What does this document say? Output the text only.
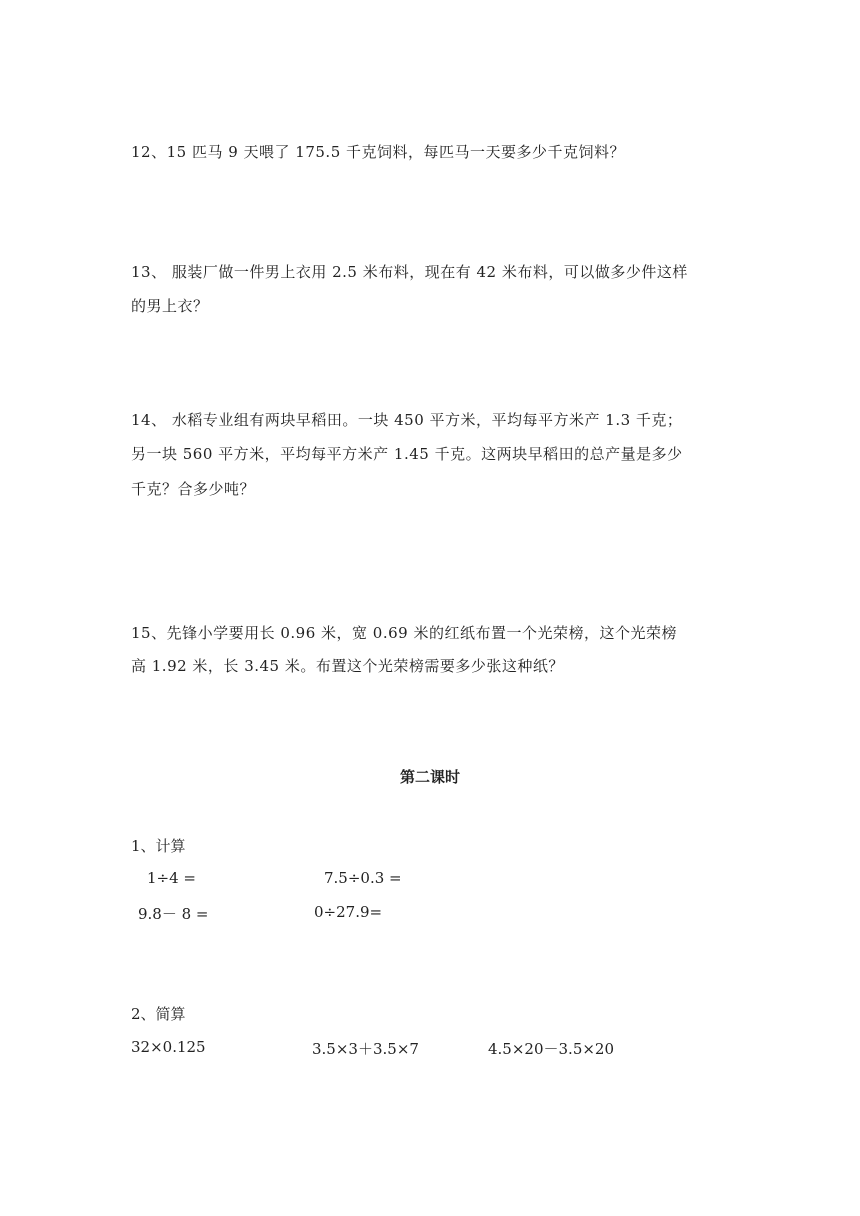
12、15 匹马 9 天喂了 175.5 千克饲料，每匹马一天要多少千克饲料？
13、 服装厂做一件男上衣用 2.5 米布料，现在有 42 米布料，可以做多少件这样
的男上衣？
14、 水稻专业组有两块早稻田。一块 450 平方米，平均每平方米产 1.3 千克；
另一块 560 平方米，平均每平方米产 1.45 千克。这两块早稻田的总产量是多少
千克？合多少吨？
15、先锋小学要用长 0.96 米，宽 0.69 米的红纸布置一个光荣榜，这个光荣榜
高 1.92 米，长 3.45 米。布置这个光荣榜需要多少张这种纸？
第二课时
1、计算
1÷4 =	7.5÷0.3 =
9.8－ 8 =	0÷27.9=
2、简算
32×0.125	3.5×3＋3.5×7	4.5×20－3.5×20
